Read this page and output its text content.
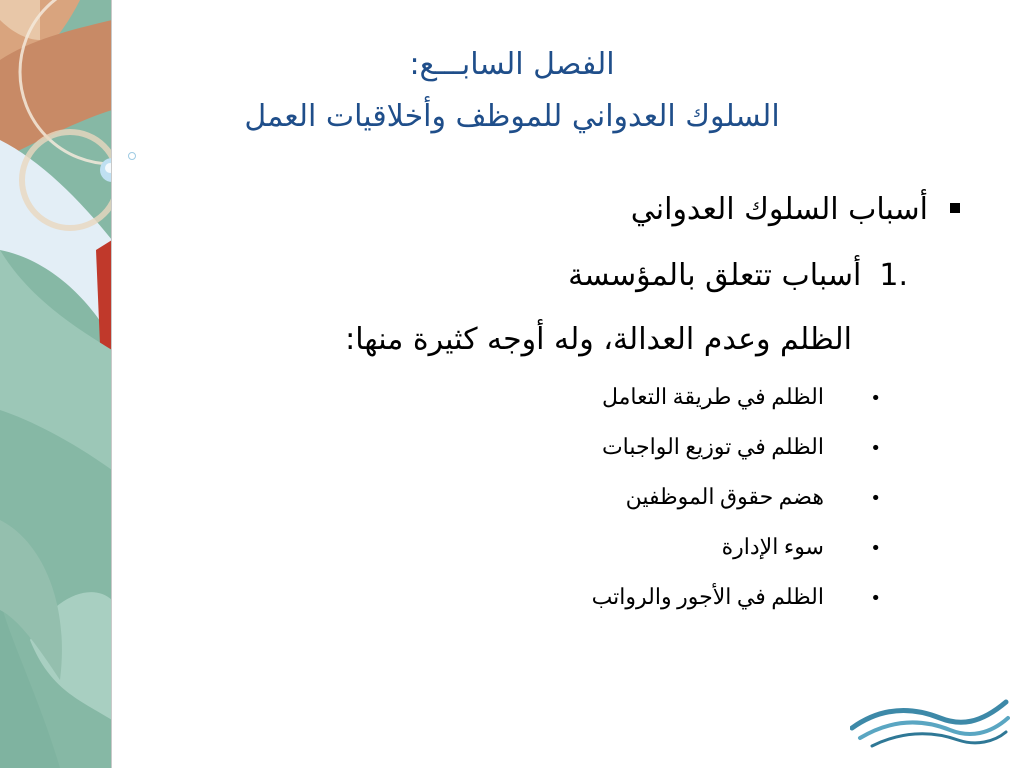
الفصل السابـــع:
السلوك العدواني للموظف وأخلاقيات العمل
أسباب السلوك العدواني
1.أسباب تتعلق بالمؤسسة
الظلم وعدم العدالة، وله أوجه كثيرة منها:
•
الظلم في طريقة التعامل
•
الظلم في توزيع الواجبات
•
هضم حقوق الموظفين
•
سوء الإدارة
•
الظلم في الأجور والرواتب
